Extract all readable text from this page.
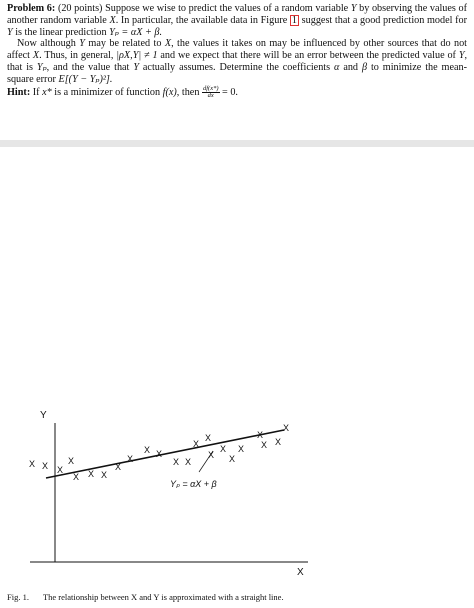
Problem 6: (20 points) Suppose we wise to predict the values of a random variable Y by observing the values of another random variable X. In particular, the available data in Figure 1 suggest that a good prediction model for Y is the linear prediction Yₚ = αX + β.

Now although Y may be related to X, the values it takes on may be influenced by other sources that do not affect X. Thus, in general, |ρX,Y| ≠ 1 and we expect that there will be an error between the predicted value of Y, that is Yₚ, and the value that Y actually assumes. Determine the coefficients α and β to minimize the mean-square error E[(Y − Yₚ)²].

Hint: If x* is a minimizer of function f(x), then $\frac{df(x*)}{dx} = 0$.

Y
X
Yₚ = αX + β
X X X
X
X X X
X
X
X X
X X
X
X
X
X
X
X
X
X X
X
Fig. 1. The relationship between X and Y is approximated with a straight line.
